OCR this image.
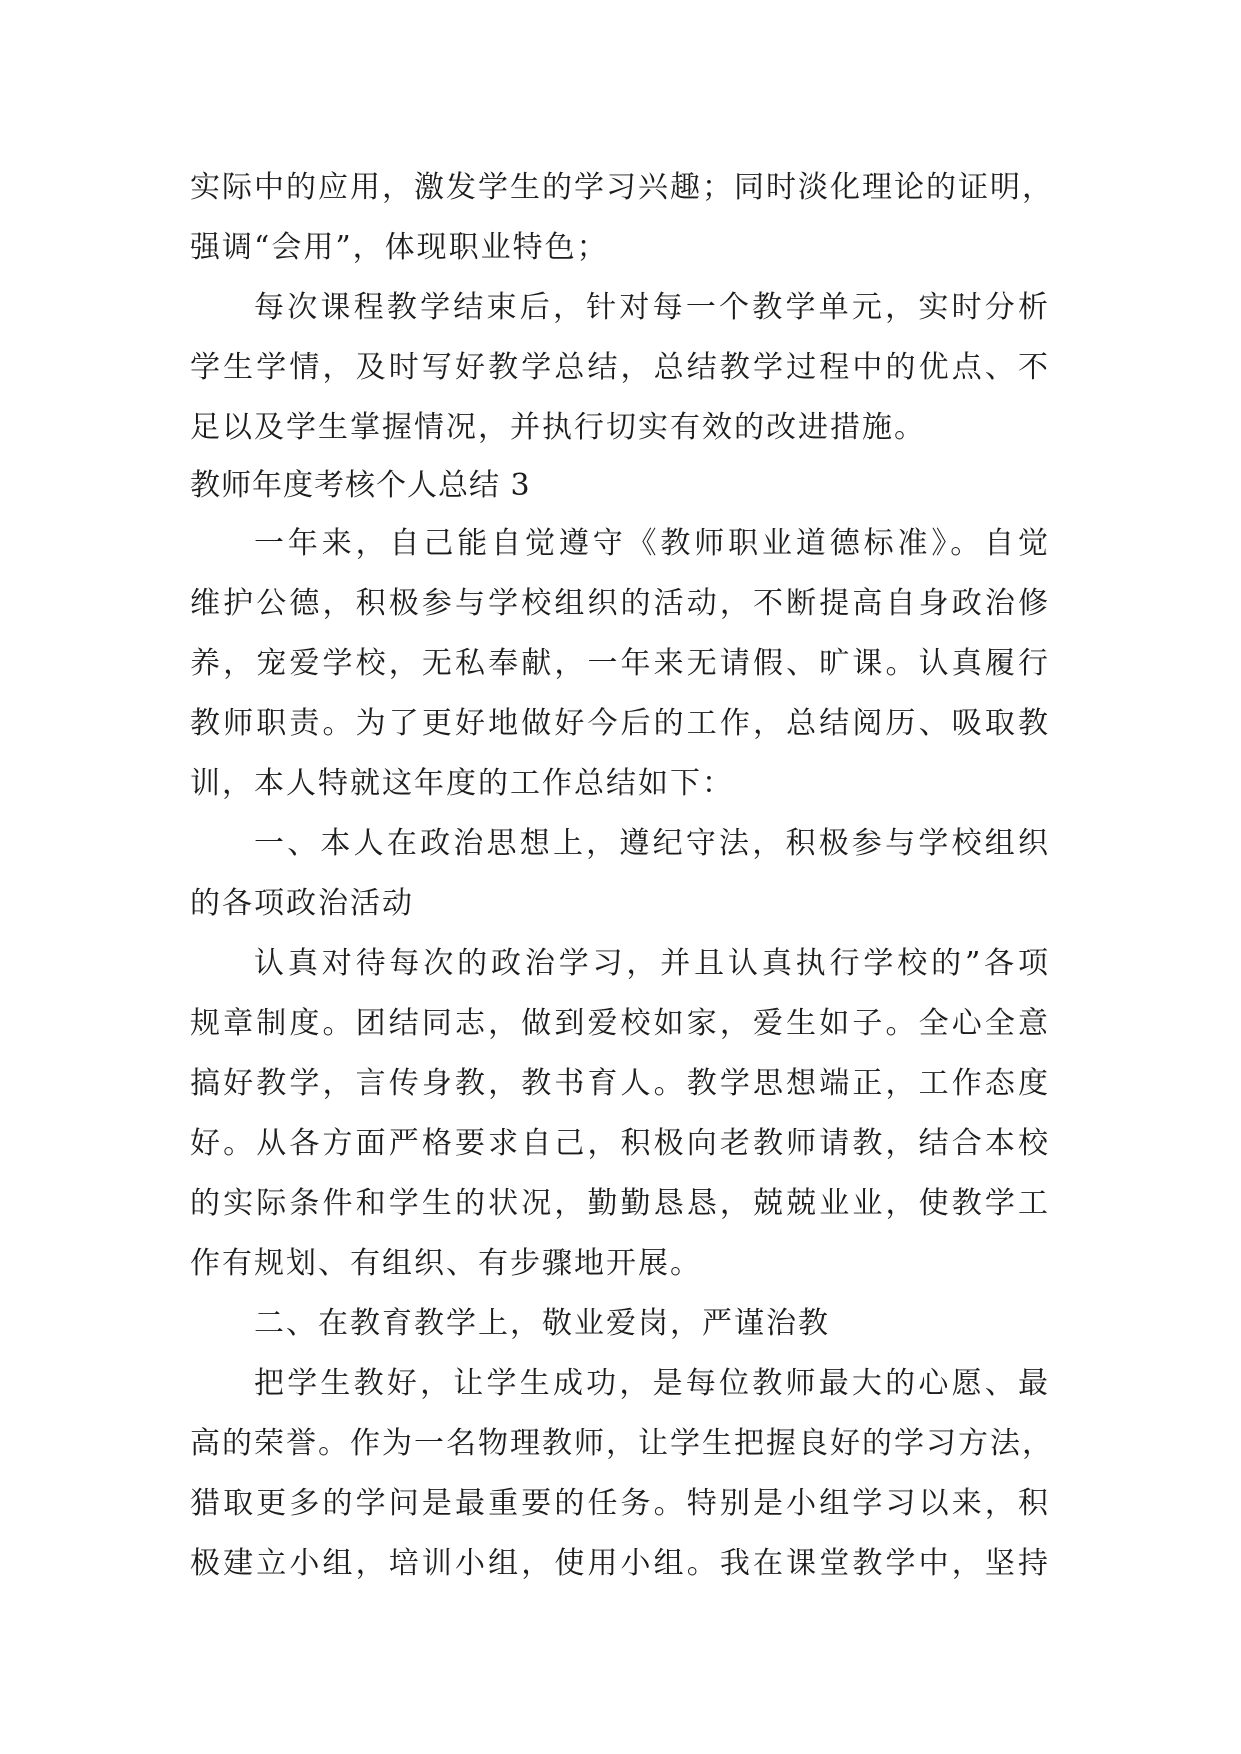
实际中的应用，激发学生的学习兴趣；同时淡化理论的证明，
强调“会用”，体现职业特色；
每次课程教学结束后，针对每一个教学单元，实时分析
学生学情，及时写好教学总结，总结教学过程中的优点、不
足以及学生掌握情况，并执行切实有效的改进措施。
教师年度考核个人总结 3
一年来，自己能自觉遵守《教师职业道德标准》。自觉
维护公德，积极参与学校组织的活动，不断提高自身政治修
养，宠爱学校，无私奉献，一年来无请假、旷课。认真履行
教师职责。为了更好地做好今后的工作，总结阅历、吸取教
训，本人特就这年度的工作总结如下：
一、本人在政治思想上，遵纪守法，积极参与学校组织
的各项政治活动
认真对待每次的政治学习，并且认真执行学校的”各项
规章制度。团结同志，做到爱校如家，爱生如子。全心全意
搞好教学，言传身教，教书育人。教学思想端正，工作态度
好。从各方面严格要求自己，积极向老教师请教，结合本校
的实际条件和学生的状况，勤勤恳恳，兢兢业业，使教学工
作有规划、有组织、有步骤地开展。
二、在教育教学上，敬业爱岗，严谨治教
把学生教好，让学生成功，是每位教师最大的心愿、最
高的荣誉。作为一名物理教师，让学生把握良好的学习方法，
猎取更多的学问是最重要的任务。特别是小组学习以来，积
极建立小组，培训小组，使用小组。我在课堂教学中，坚持
